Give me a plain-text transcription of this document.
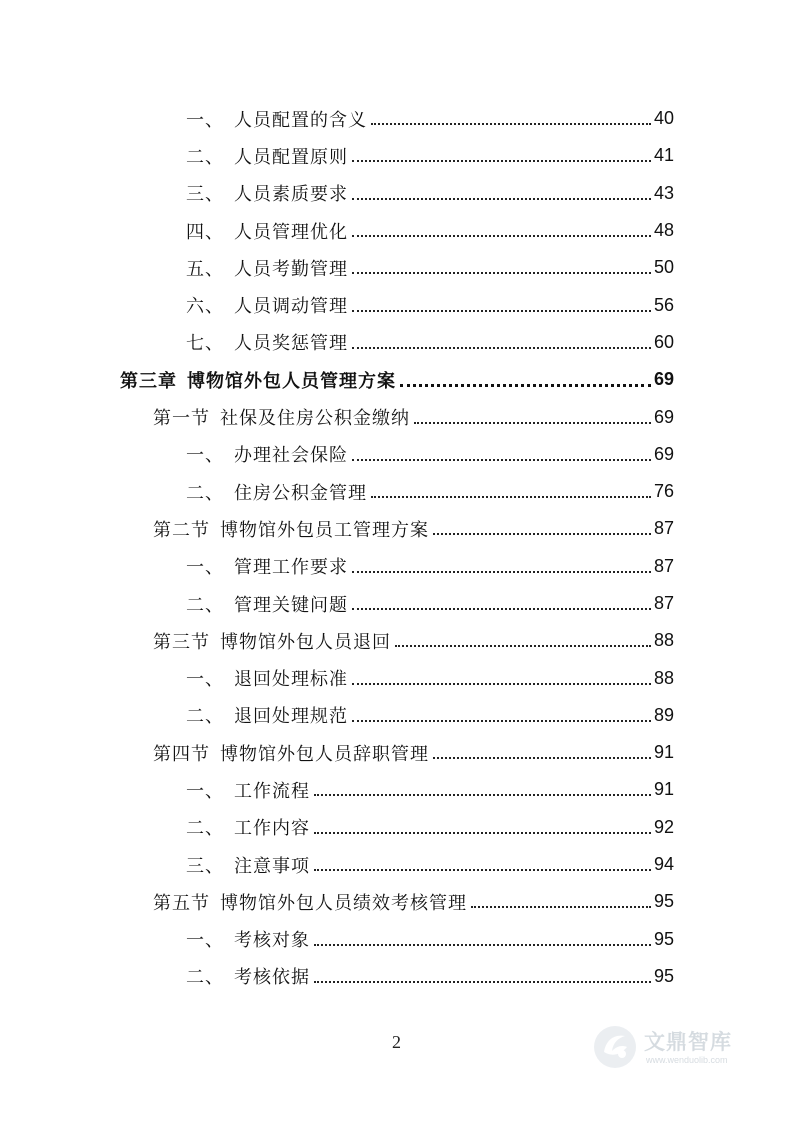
一、 人员配置的含义	40
二、 人员配置原则	41
三、 人员素质要求	43
四、 人员管理优化	48
五、 人员考勤管理	50
六、 人员调动管理	56
七、 人员奖惩管理	60
第三章 博物馆外包人员管理方案	69
第一节 社保及住房公积金缴纳	69
一、 办理社会保险	69
二、 住房公积金管理	76
第二节 博物馆外包员工管理方案	87
一、 管理工作要求	87
二、 管理关键问题	87
第三节 博物馆外包人员退回	88
一、 退回处理标准	88
二、 退回处理规范	89
第四节 博物馆外包人员辞职管理	91
一、 工作流程	91
二、 工作内容	92
三、 注意事项	94
第五节 博物馆外包人员绩效考核管理	95
一、 考核对象	95
二、 考核依据	95
2	文鼎智库
www.wenduolib.com
